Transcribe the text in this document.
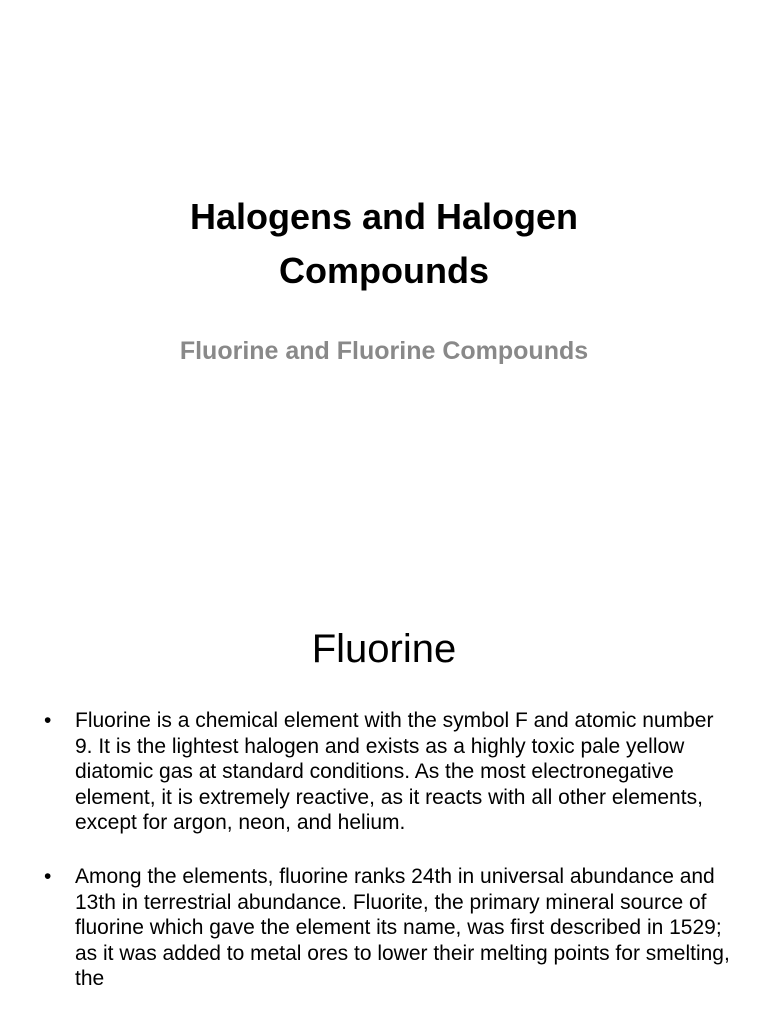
Halogens and Halogen
Compounds
Fluorine and Fluorine Compounds
Fluorine
•	Fluorine is a chemical element with the symbol F and atomic number 9. It is the lightest halogen and exists as a highly toxic pale yellow diatomic gas at standard conditions. As the most electronegative element, it is extremely reactive, as it reacts with all other elements, except for argon, neon, and helium.
•	Among the elements, fluorine ranks 24th in universal abundance and 13th in terrestrial abundance. Fluorite, the primary mineral source of fluorine which gave the element its name, was first described in 1529; as it was added to metal ores to lower their melting points for smelting, the
